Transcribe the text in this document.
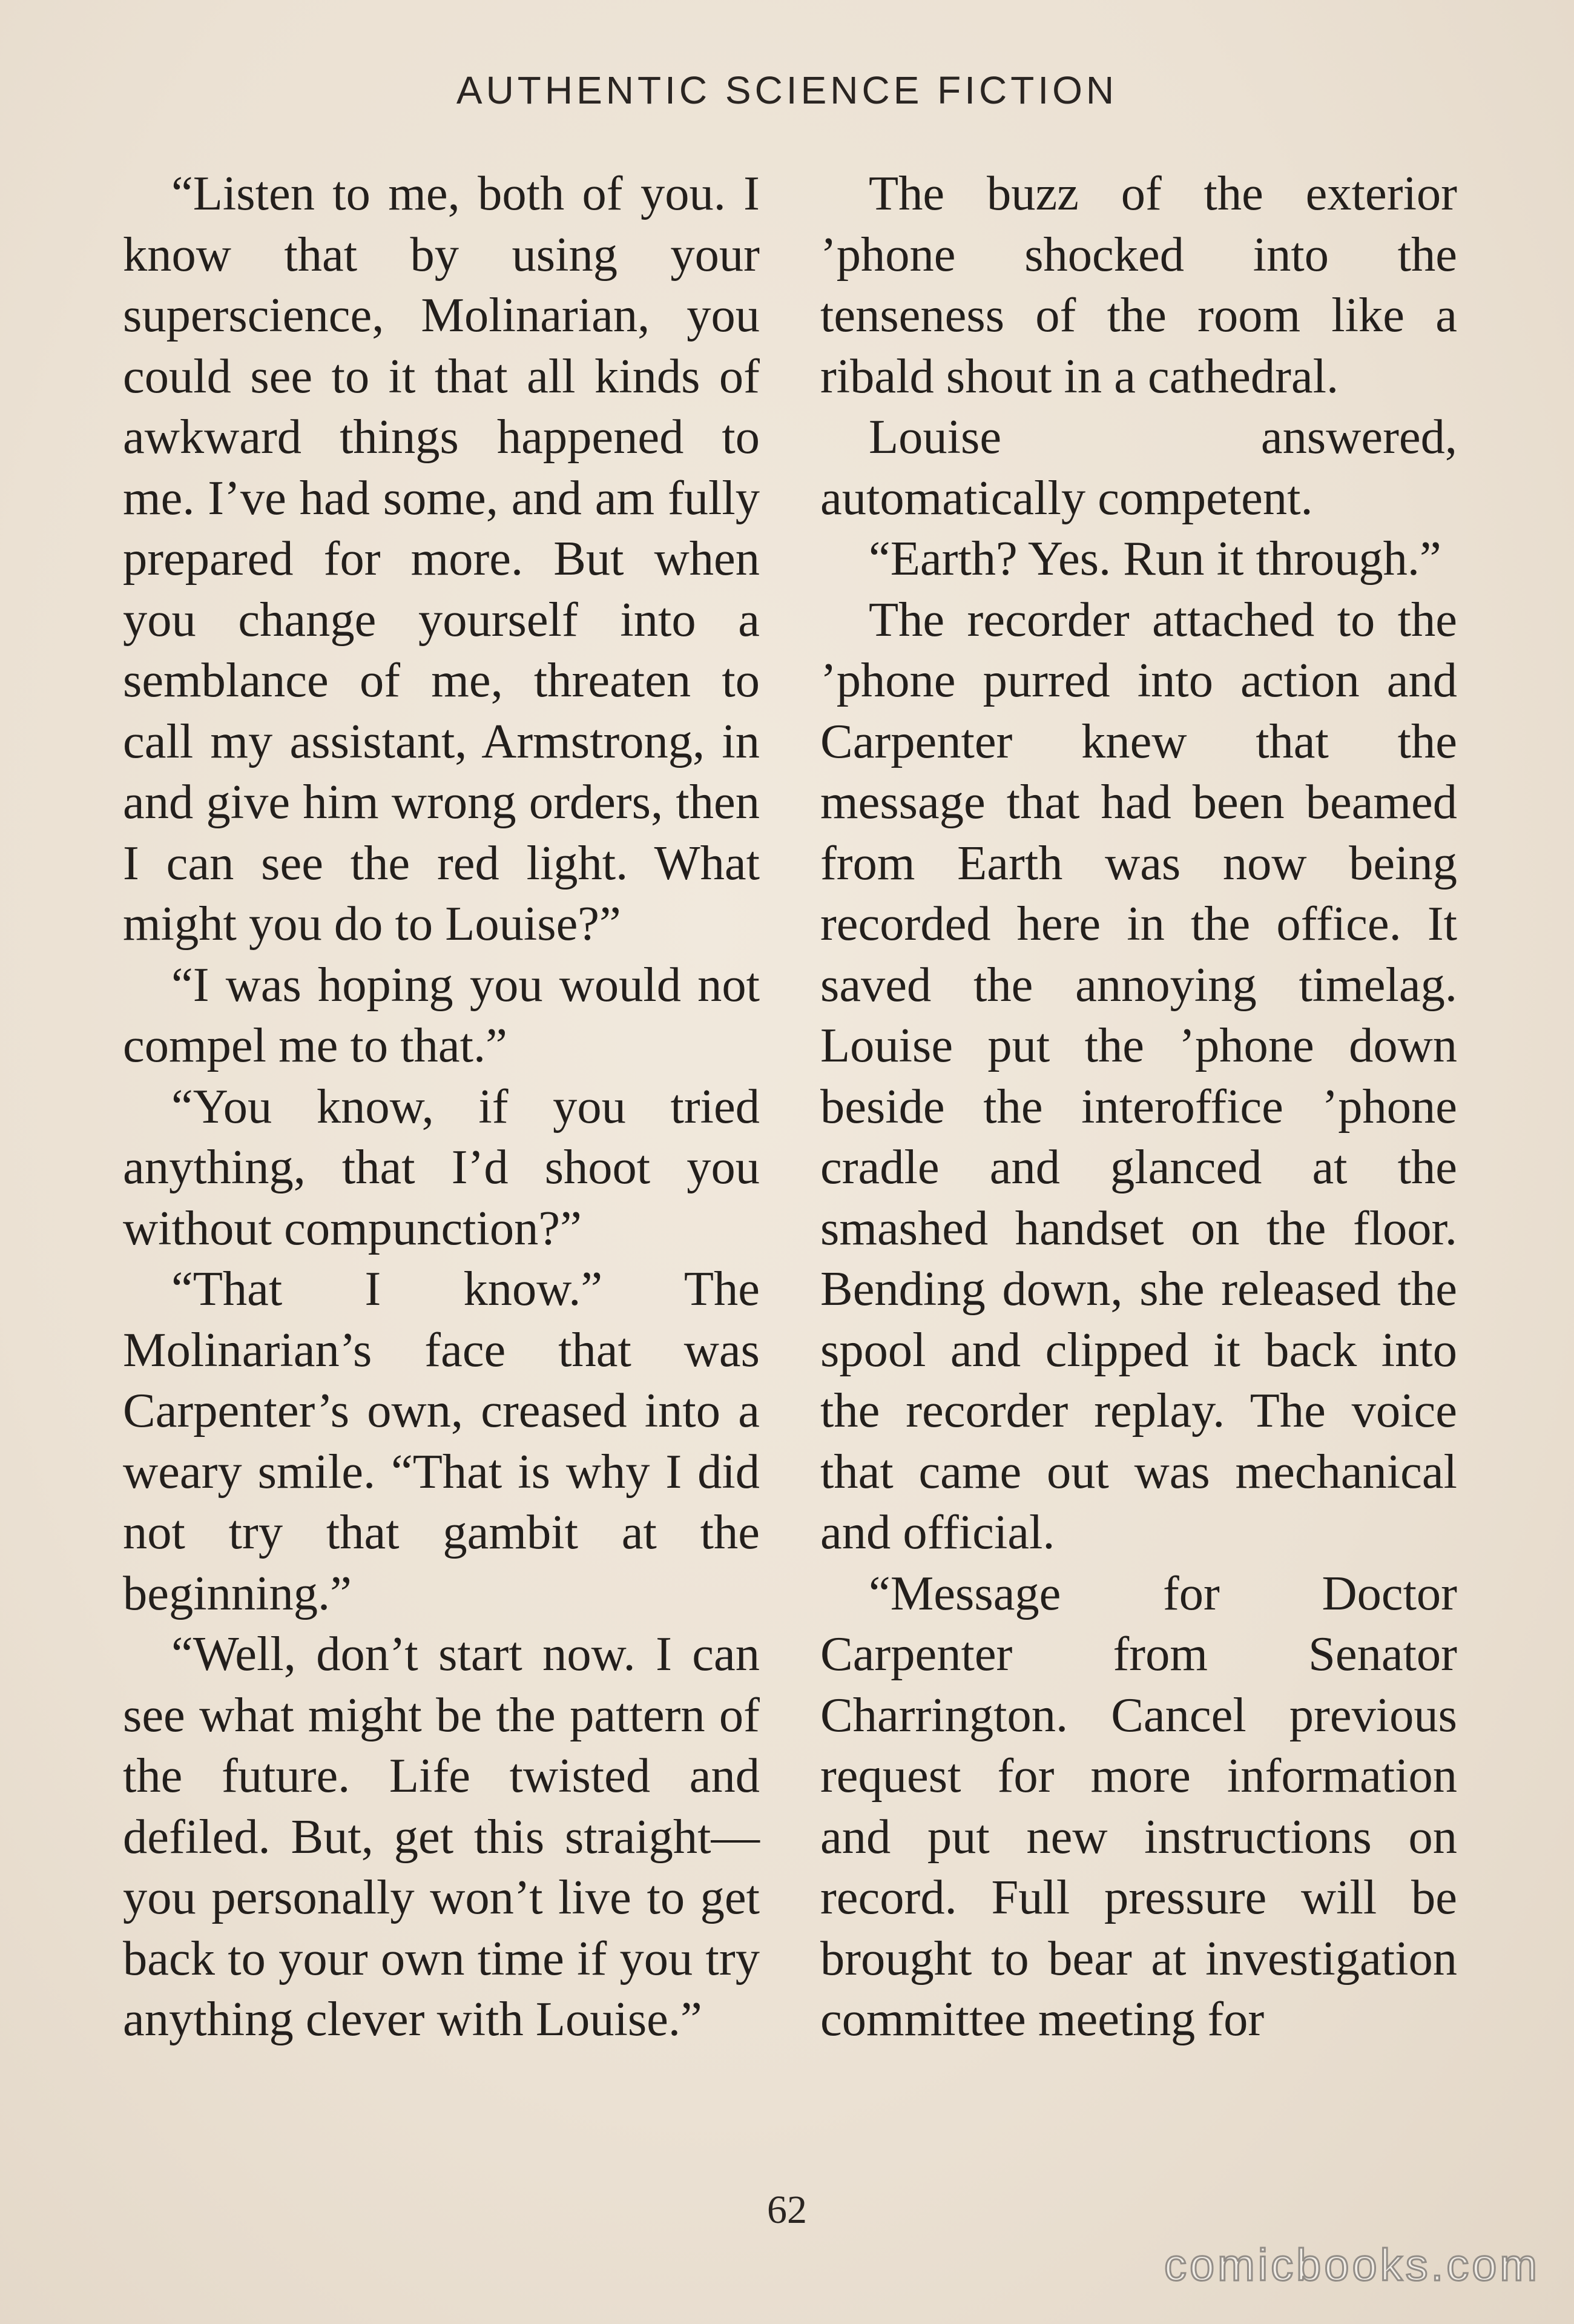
AUTHENTIC SCIENCE FICTION

“Listen to me, both of you. I know that by using your superscience, Molinarian, you could see to it that all kinds of awkward things happened to me. I’ve had some, and am fully prepared for more. But when you change yourself into a semblance of me, threaten to call my assistant, Armstrong, in and give him wrong orders, then I can see the red light. What might you do to Louise?”

“I was hoping you would not compel me to that.”

“You know, if you tried anything, that I’d shoot you without compunction?”

“That I know.” The Molinarian’s face that was Carpenter’s own, creased into a weary smile. “That is why I did not try that gambit at the beginning.”

“Well, don’t start now. I can see what might be the pattern of the future. Life twisted and defiled. But, get this straight—you personally won’t live to get back to your own time if you try anything clever with Louise.”

The buzz of the exterior ’phone shocked into the tenseness of the room like a ribald shout in a cathedral.

Louise answered, automatically competent.

“Earth? Yes. Run it through.”

The recorder attached to the ’phone purred into action and Carpenter knew that the message that had been beamed from Earth was now being recorded here in the office. It saved the annoying timelag. Louise put the ’phone down beside the interoffice ’phone cradle and glanced at the smashed handset on the floor. Bending down, she released the spool and clipped it back into the recorder replay. The voice that came out was mechanical and official.

“Message for Doctor Carpenter from Senator Charrington. Cancel previous request for more information and put new instructions on record. Full pressure will be brought to bear at investigation committee meeting for

62
comicbooks.com
